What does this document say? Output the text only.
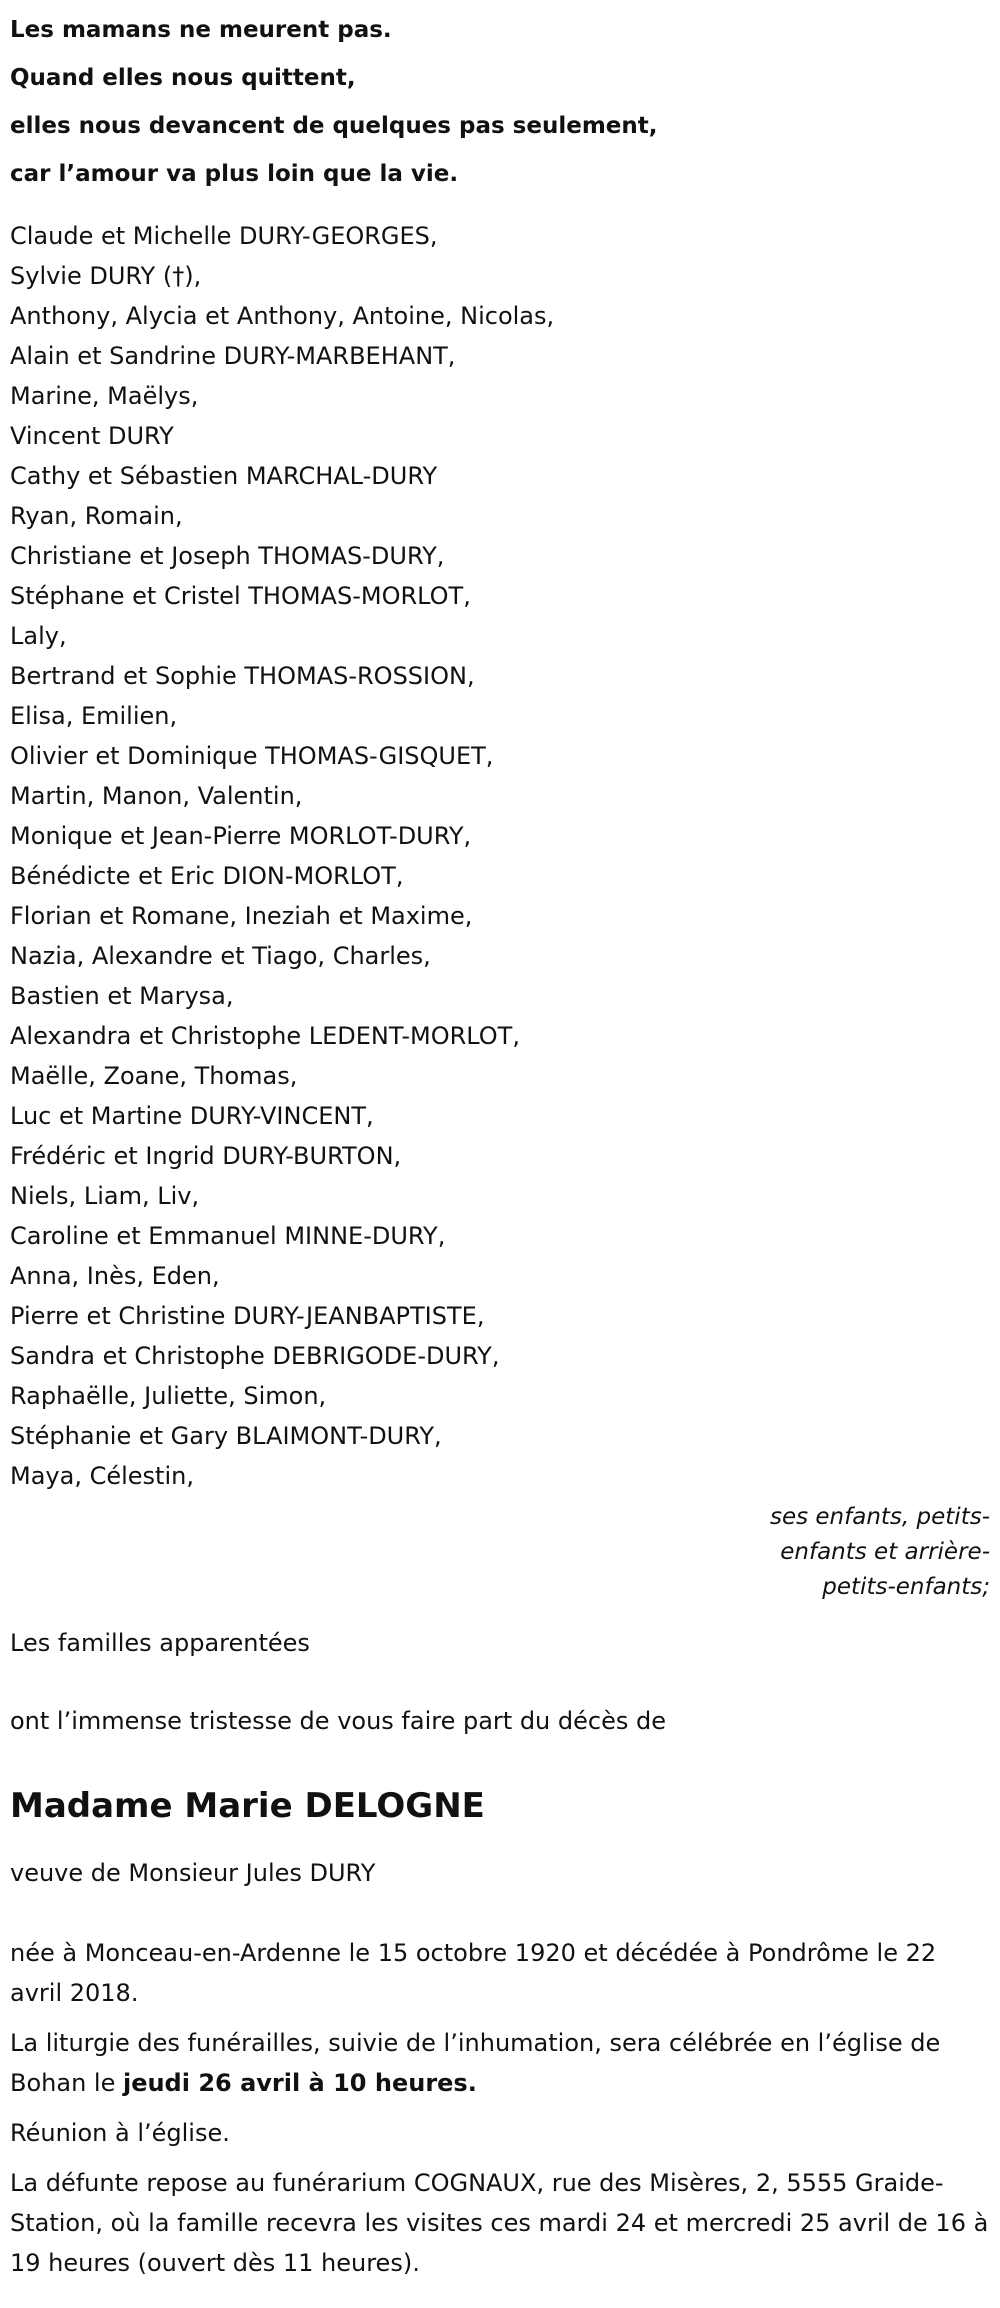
Les mamans ne meurent pas.
Quand elles nous quittent,
elles nous devancent de quelques pas seulement,
car l’amour va plus loin que la vie.
Claude et Michelle DURY-GEORGES,
Sylvie DURY (†),
Anthony, Alycia et Anthony, Antoine, Nicolas,
Alain et Sandrine DURY-MARBEHANT,
Marine, Maëlys,
Vincent DURY
Cathy et Sébastien MARCHAL-DURY
Ryan, Romain,
Christiane et Joseph THOMAS-DURY,
Stéphane et Cristel THOMAS-MORLOT,
Laly,
Bertrand et Sophie THOMAS-ROSSION,
Elisa, Emilien,
Olivier et Dominique THOMAS-GISQUET,
Martin, Manon, Valentin,
Monique et Jean-Pierre MORLOT-DURY,
Bénédicte et Eric DION-MORLOT,
Florian et Romane, Ineziah et Maxime,
Nazia, Alexandre et Tiago, Charles,
Bastien et Marysa,
Alexandra et Christophe LEDENT-MORLOT,
Maëlle, Zoane, Thomas,
Luc et Martine DURY-VINCENT,
Frédéric et Ingrid DURY-BURTON,
Niels, Liam, Liv,
Caroline et Emmanuel MINNE-DURY,
Anna, Inès, Eden,
Pierre et Christine DURY-JEANBAPTISTE,
Sandra et Christophe DEBRIGODE-DURY,
Raphaëlle, Juliette, Simon,
Stéphanie et Gary BLAIMONT-DURY,
Maya, Célestin,
ses enfants, petits-
enfants et arrière-
petits-enfants;
Les familles apparentées
ont l’immense tristesse de vous faire part du décès de
Madame Marie DELOGNE
veuve de Monsieur Jules DURY
née à Monceau-en-Ardenne le 15 octobre 1920 et décédée à Pondrôme le 22 avril 2018.
La liturgie des funérailles, suivie de l’inhumation, sera célébrée en l’église de Bohan le jeudi 26 avril à 10 heures.
Réunion à l’église.
La défunte repose au funérarium COGNAUX, rue des Misères, 2, 5555 Graide-Station, où la famille recevra les visites ces mardi 24 et mercredi 25 avril de 16 à 19 heures (ouvert dès 11 heures).
